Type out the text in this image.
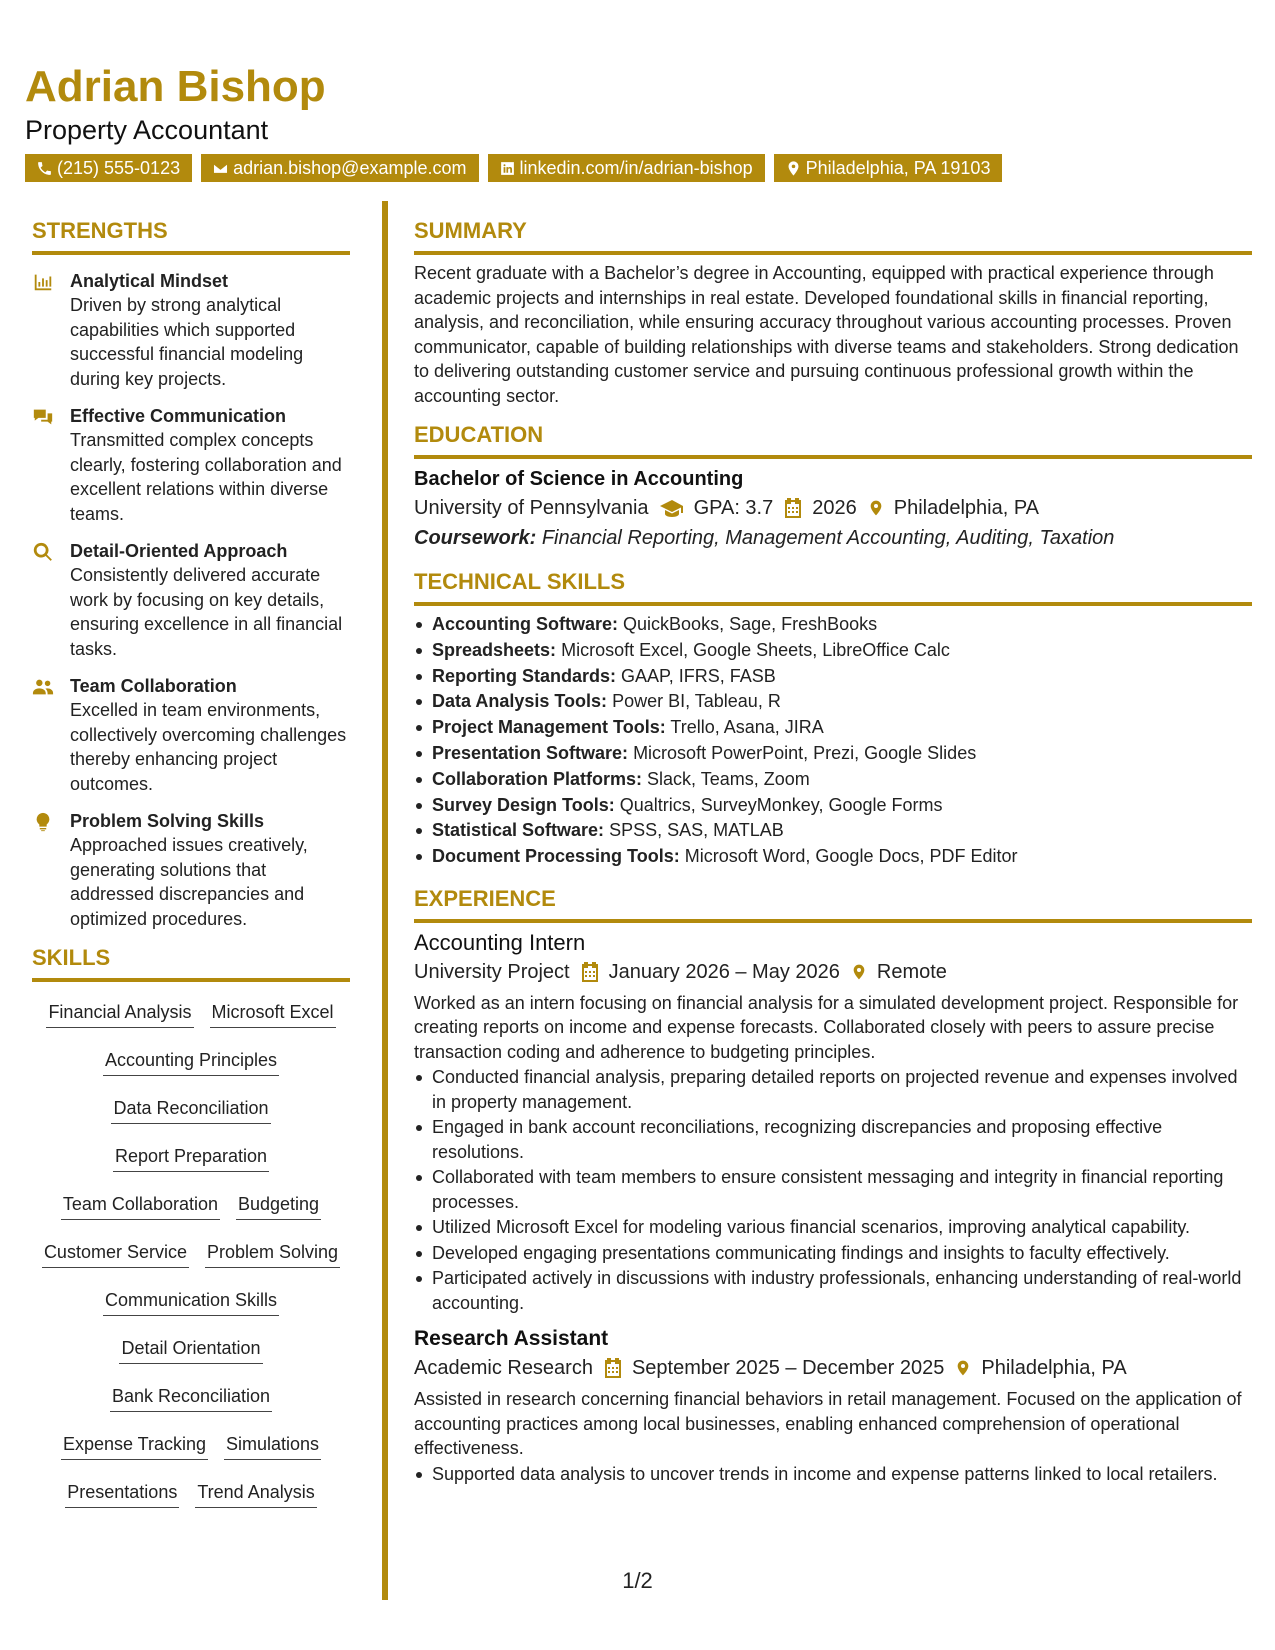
Adrian Bishop
Property Accountant
(215) 555-0123	adrian.bishop@example.com	linkedin.com/in/adrian-bishop	Philadelphia, PA 19103
STRENGTHS
Analytical Mindset
Driven by strong analytical capabilities which supported successful financial modeling during key projects.
Effective Communication
Transmitted complex concepts clearly, fostering collaboration and excellent relations within diverse teams.
Detail-Oriented Approach
Consistently delivered accurate work by focusing on key details, ensuring excellence in all financial tasks.
Team Collaboration
Excelled in team environments, collectively overcoming challenges thereby enhancing project outcomes.
Problem Solving Skills
Approached issues creatively, generating solutions that addressed discrepancies and optimized procedures.
SKILLS
Financial Analysis Microsoft Excel
Accounting Principles
Data Reconciliation
Report Preparation
Team Collaboration Budgeting
Customer Service Problem Solving
Communication Skills
Detail Orientation
Bank Reconciliation
Expense Tracking Simulations
Presentations Trend Analysis
SUMMARY
Recent graduate with a Bachelor’s degree in Accounting, equipped with practical experience through academic projects and internships in real estate. Developed foundational skills in financial reporting, analysis, and reconciliation, while ensuring accuracy throughout various accounting processes. Proven communicator, capable of building relationships with diverse teams and stakeholders. Strong dedication to delivering outstanding customer service and pursuing continuous professional growth within the accounting sector.
EDUCATION
Bachelor of Science in Accounting
University of Pennsylvania GPA: 3.7 2026 Philadelphia, PA
Coursework: Financial Reporting, Management Accounting, Auditing, Taxation
TECHNICAL SKILLS
Accounting Software: QuickBooks, Sage, FreshBooks
Spreadsheets: Microsoft Excel, Google Sheets, LibreOffice Calc
Reporting Standards: GAAP, IFRS, FASB
Data Analysis Tools: Power BI, Tableau, R
Project Management Tools: Trello, Asana, JIRA
Presentation Software: Microsoft PowerPoint, Prezi, Google Slides
Collaboration Platforms: Slack, Teams, Zoom
Survey Design Tools: Qualtrics, SurveyMonkey, Google Forms
Statistical Software: SPSS, SAS, MATLAB
Document Processing Tools: Microsoft Word, Google Docs, PDF Editor
EXPERIENCE
Accounting Intern
University Project January 2026 – May 2026 Remote
Worked as an intern focusing on financial analysis for a simulated development project. Responsible for creating reports on income and expense forecasts. Collaborated closely with peers to assure precise transaction coding and adherence to budgeting principles.
Conducted financial analysis, preparing detailed reports on projected revenue and expenses involved in property management.
Engaged in bank account reconciliations, recognizing discrepancies and proposing effective resolutions.
Collaborated with team members to ensure consistent messaging and integrity in financial reporting processes.
Utilized Microsoft Excel for modeling various financial scenarios, improving analytical capability.
Developed engaging presentations communicating findings and insights to faculty effectively.
Participated actively in discussions with industry professionals, enhancing understanding of real-world accounting.
Research Assistant
Academic Research September 2025 – December 2025 Philadelphia, PA
Assisted in research concerning financial behaviors in retail management. Focused on the application of accounting practices among local businesses, enabling enhanced comprehension of operational effectiveness.
Supported data analysis to uncover trends in income and expense patterns linked to local retailers.
1/2
